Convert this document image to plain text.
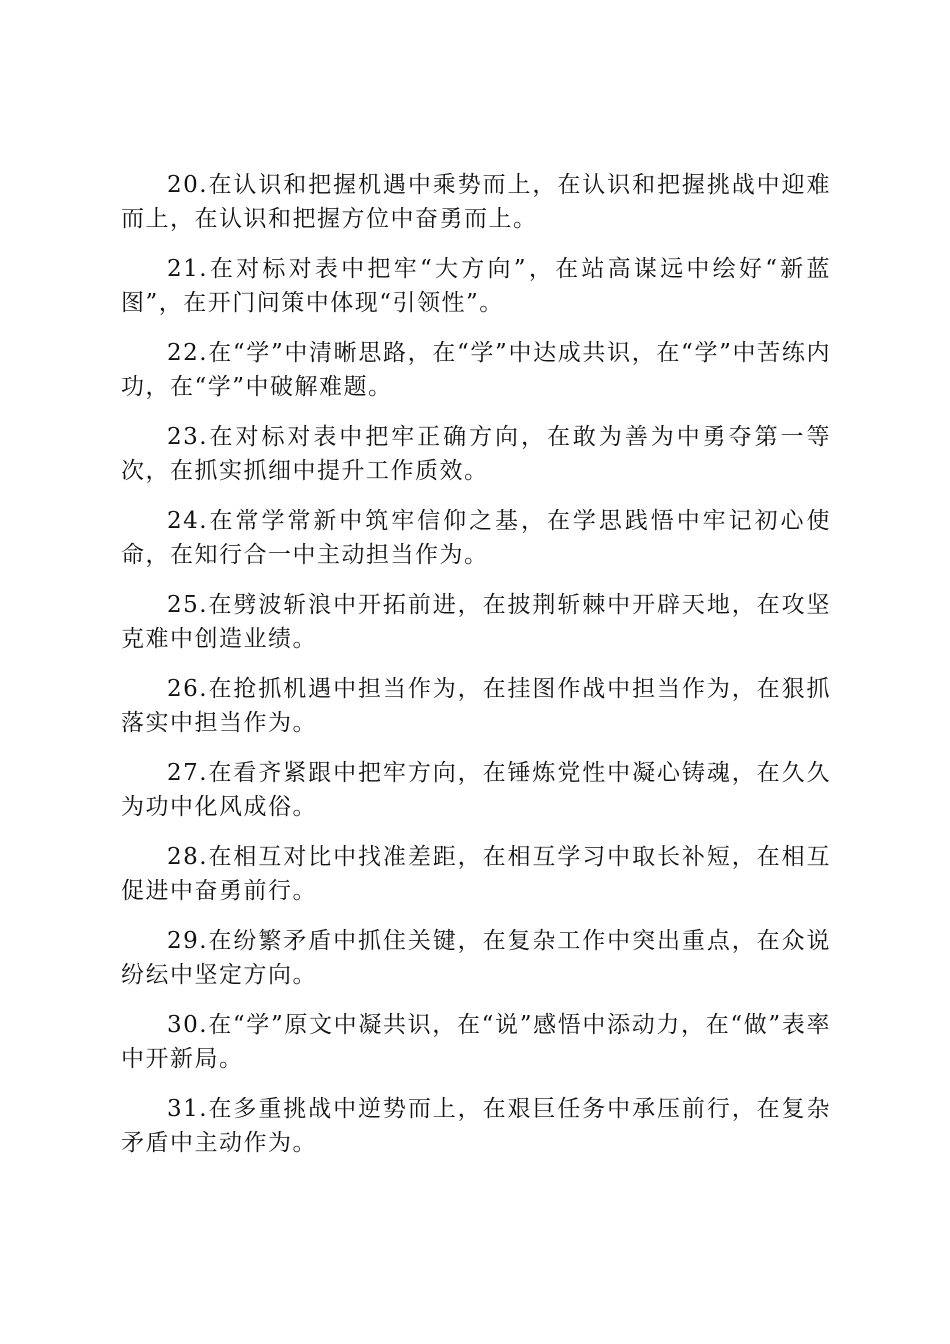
20.在认识和把握机遇中乘势而上，在认识和把握挑战中迎难而上，在认识和把握方位中奋勇而上。

21.在对标对表中把牢“大方向”，在站高谋远中绘好“新蓝图”，在开门问策中体现“引领性”。

22.在“学”中清晰思路，在“学”中达成共识，在“学”中苦练内功，在“学”中破解难题。

23.在对标对表中把牢正确方向，在敢为善为中勇夺第一等次，在抓实抓细中提升工作质效。

24.在常学常新中筑牢信仰之基，在学思践悟中牢记初心使命，在知行合一中主动担当作为。

25.在劈波斩浪中开拓前进，在披荆斩棘中开辟天地，在攻坚克难中创造业绩。

26.在抢抓机遇中担当作为，在挂图作战中担当作为，在狠抓落实中担当作为。

27.在看齐紧跟中把牢方向，在锤炼党性中凝心铸魂，在久久为功中化风成俗。

28.在相互对比中找准差距，在相互学习中取长补短，在相互促进中奋勇前行。

29.在纷繁矛盾中抓住关键，在复杂工作中突出重点，在众说纷纭中坚定方向。

30.在“学”原文中凝共识，在“说”感悟中添动力，在“做”表率中开新局。

31.在多重挑战中逆势而上，在艰巨任务中承压前行，在复杂矛盾中主动作为。
